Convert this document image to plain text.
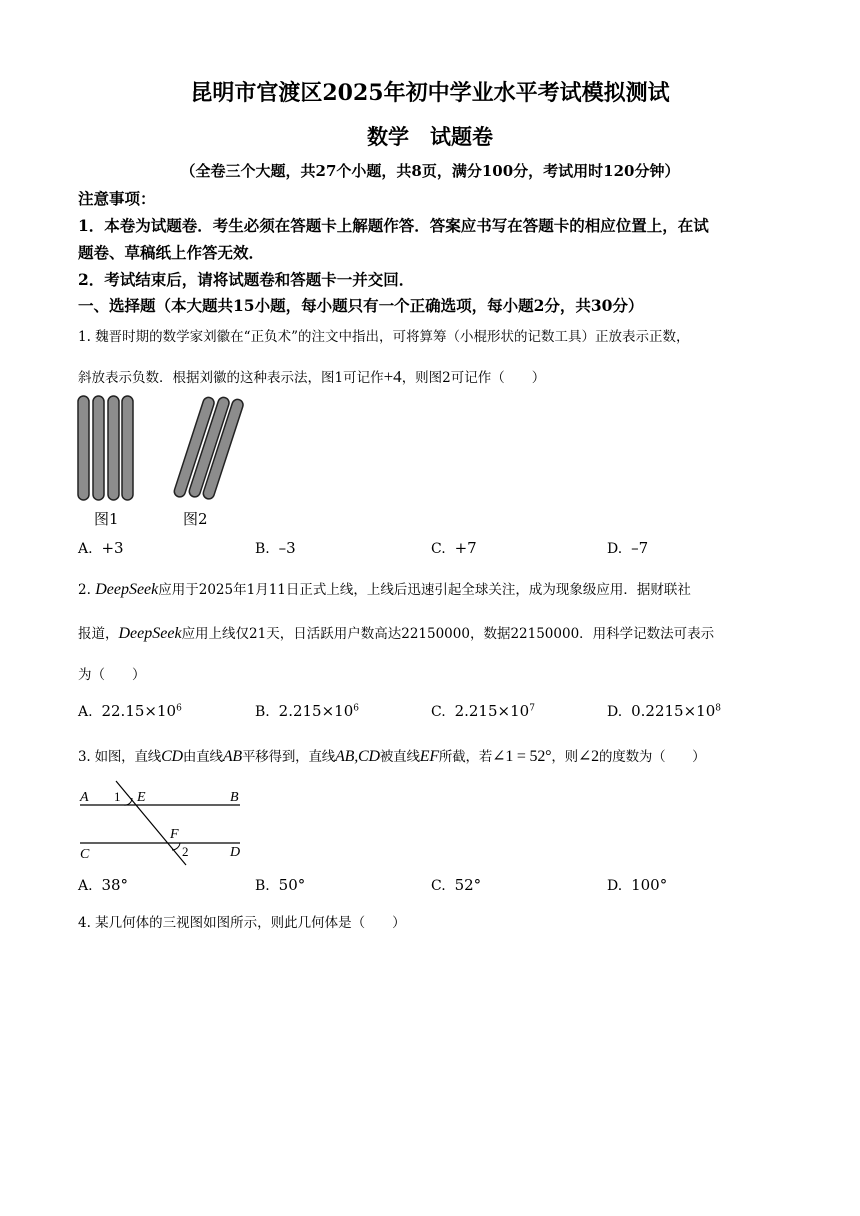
昆明市官渡区2025年初中学业水平考试模拟测试
数学　试题卷
（全卷三个大题，共27个小题，共8页，满分100分，考试用时120分钟）
注意事项：
1．本卷为试题卷．考生必须在答题卡上解题作答．答案应书写在答题卡的相应位置上，在试
题卷、草稿纸上作答无效．
2．考试结束后，请将试题卷和答题卡一并交回．
一、选择题（本大题共15小题，每小题只有一个正确选项，每小题2分，共30分）
1. 魏晋时期的数学家刘徽在“正负术”的注文中指出，可将算筹（小棍形状的记数工具）正放表示正数，
斜放表示负数．根据刘徽的这种表示法，图1可记作+4，则图2可记作（　　）
图1	图2
A. +3	B. –3	C. +7	D. –7
2. DeepSeek应用于2025年1月11日正式上线，上线后迅速引起全球关注，成为现象级应用．据财联社
报道，DeepSeek应用上线仅21天，日活跃用户数高达22150000，数据22150000．用科学记数法可表示
为（　　）
A. $22.15\times 10^6$	B. $2.215\times 10^6$	C. $2.215\times 10^7$	D. $0.2215\times 10^8$
3. 如图，直线CD由直线AB平移得到，直线AB,CD被直线EF所截，若∠1 = 52°，则∠2的度数为（　　）
A 1 E	B
F
C	2	D
A. 38°	B. 50°	C. 52°	D. 100°
4. 某几何体的三视图如图所示，则此几何体是（　　）
